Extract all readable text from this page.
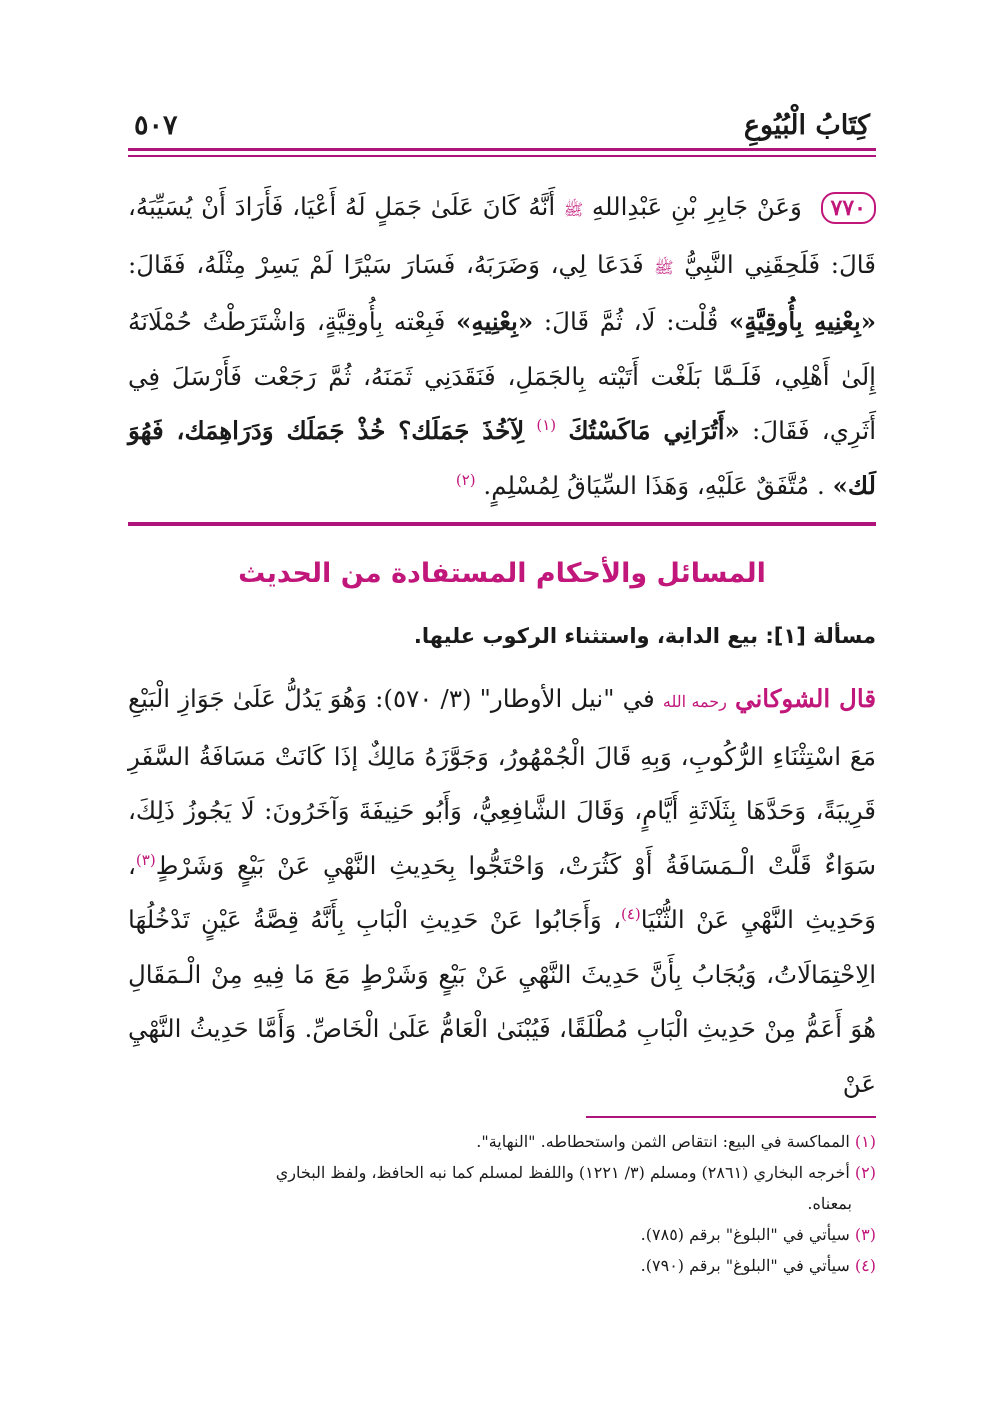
كِتَابُ الْبُيُوعِ
٥٠٧
٧٧٠ وَعَنْ جَابِرِ بْنِ عَبْدِاللهِ ﷺ أَنَّهُ كَانَ عَلَىٰ جَمَلٍ لَهُ أَعْيَا، فَأَرَادَ أَنْ يُسَيِّبَهُ، قَالَ: فَلَحِقَنِي النَّبِيُّ ﷺ فَدَعَا لِي، وَضَرَبَهُ، فَسَارَ سَيْرًا لَمْ يَسِرْ مِثْلَهُ، فَقَالَ: «بِعْنِيهِ بِأُوقِيَّةٍ» قُلْت: لَا، ثُمَّ قَالَ: «بِعْنِيهِ» فَبِعْته بِأُوقِيَّةٍ، وَاشْتَرَطْتُ حُمْلَانَهُ إِلَىٰ أَهْلِي، فَلَـمَّا بَلَغْت أَتَيْته بِالجَمَلِ، فَنَقَدَنِي ثَمَنَهُ، ثُمَّ رَجَعْت فَأَرْسَلَ فِي أَثَرِي، فَقَالَ: «أَتُرَانِي مَاكَسْتُكَ $^{(١)}$ لِآخُذَ جَمَلَك؟ خُذْ جَمَلَك وَدَرَاهِمَك، فَهُوَ لَك» . مُتَّفَقٌ عَلَيْهِ، وَهَذَا السِّيَاقُ لِمُسْلِمٍ. $^{(٢)}$
المسائل والأحكام المستفادة من الحديث
مسألة [١]: بيع الدابة، واستثناء الركوب عليها.
قال الشوكاني رحمه الله في "نيل الأوطار" (٣/ ٥٧٠): وَهُوَ يَدُلُّ عَلَىٰ جَوَازِ الْبَيْعِ مَعَ اسْتِثْنَاءِ الرُّكُوبِ، وَبِهِ قَالَ الْجُمْهُورُ، وَجَوَّزَهُ مَالِكٌ إذَا كَانَتْ مَسَافَةُ السَّفَرِ قَرِيبَةً، وَحَدَّهَا بِثَلَاثَةِ أَيَّامٍ، وَقَالَ الشَّافِعِيُّ، وَأَبُو حَنِيفَةَ وَآخَرُونَ: لَا يَجُوزُ ذَلِكَ، سَوَاءٌ قَلَّتْ الْـمَسَافَةُ أَوْ كَثُرَتْ، وَاحْتَجُّوا بِحَدِيثِ النَّهْيِ عَنْ بَيْعٍ وَشَرْطٍ$^{(٣)}$، وَحَدِيثِ النَّهْيِ عَنْ الثُّنْيَا$^{(٤)}$، وَأَجَابُوا عَنْ حَدِيثِ الْبَابِ بِأَنَّهُ قِصَّةُ عَيْنٍ تَدْخُلُهَا الِاحْتِمَالَاتُ، وَيُجَابُ بِأَنَّ حَدِيثَ النَّهْيِ عَنْ بَيْعٍ وَشَرْطٍ مَعَ مَا فِيهِ مِنْ الْـمَقَالِ هُوَ أَعَمُّ مِنْ حَدِيثِ الْبَابِ مُطْلَقًا، فَيُبْنَىٰ الْعَامُّ عَلَىٰ الْخَاصِّ. وَأَمَّا حَدِيثُ النَّهْيِ عَنْ
(١) المماكسة في البيع: انتقاص الثمن واستحطاطه. "النهاية".
(٢) أخرجه البخاري (٢٨٦١) ومسلم (٣/ ١٢٢١) واللفظ لمسلم كما نبه الحافظ، ولفظ البخاري
بمعناه.
(٣) سيأتي في "البلوغ" برقم (٧٨٥).
(٤) سيأتي في "البلوغ" برقم (٧٩٠).
